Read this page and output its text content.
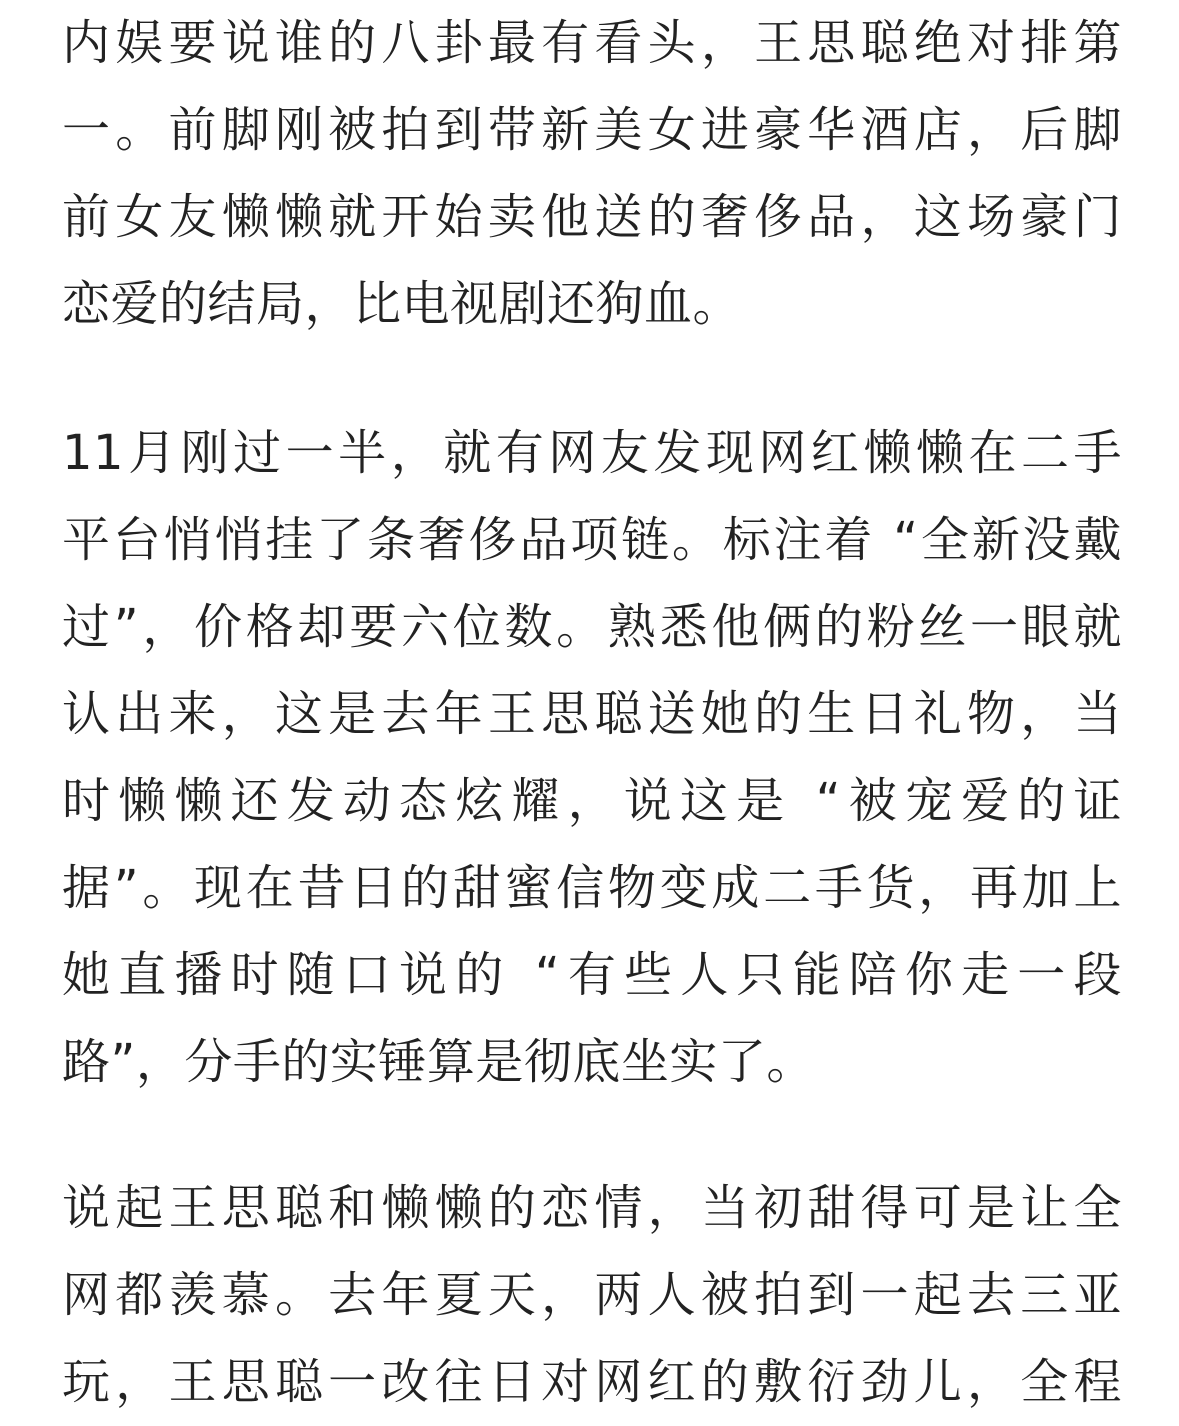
内娱要说谁的八卦最有看头，王思聪绝对排第
一。前脚刚被拍到带新美女进豪华酒店，后脚
前女友懒懒就开始卖他送的奢侈品，这场豪门
恋爱的结局，比电视剧还狗血。
11月刚过一半，就有网友发现网红懒懒在二手
平台悄悄挂了条奢侈品项链。标注着 “全新没戴
过”，价格却要六位数。熟悉他俩的粉丝一眼就
认出来，这是去年王思聪送她的生日礼物，当
时懒懒还发动态炫耀，说这是 “被宠爱的证
据”。现在昔日的甜蜜信物变成二手货，再加上
她直播时随口说的 “有些人只能陪你走一段
路”，分手的实锤算是彻底坐实了。
说起王思聪和懒懒的恋情，当初甜得可是让全
网都羡慕。去年夏天，两人被拍到一起去三亚
玩，王思聪一改往日对网红的敷衍劲儿，全程
